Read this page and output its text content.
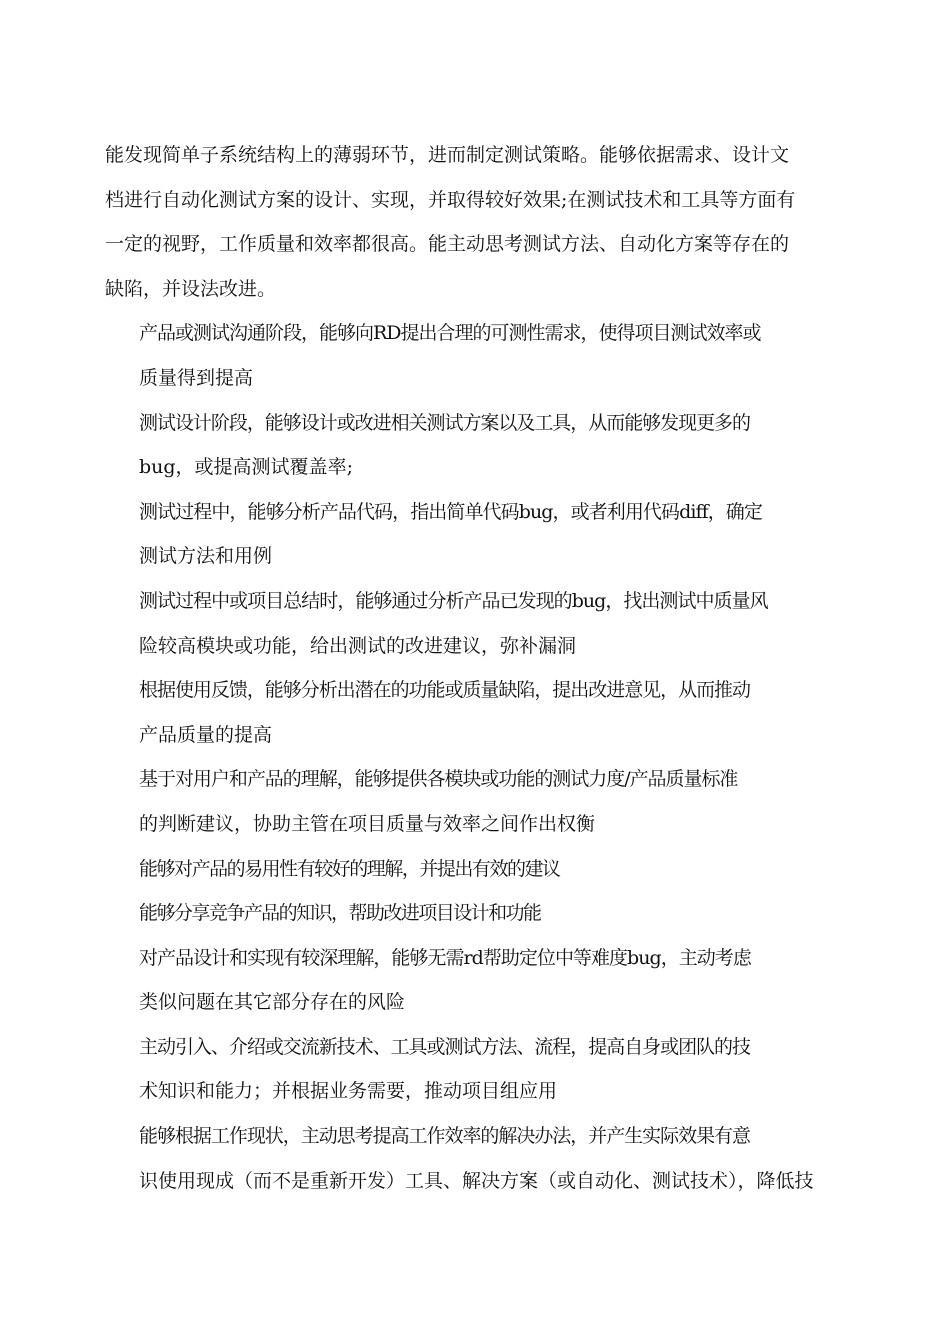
能发现简单子系统结构上的薄弱环节，进而制定测试策略。能够依据需求、设计文
档进行自动化测试方案的设计、实现，并取得较好效果;在测试技术和工具等方面有
一定的视野，工作质量和效率都很高。能主动思考测试方法、自动化方案等存在的
缺陷，并设法改进。

产品或测试沟通阶段，能够向RD提出合理的可测性需求，使得项目测试效率或
质量得到提高

测试设计阶段，能够设计或改进相关测试方案以及工具，从而能够发现更多的
bug，或提高测试覆盖率;

测试过程中，能够分析产品代码，指出简单代码bug，或者利用代码diff，确定
测试方法和用例

测试过程中或项目总结时，能够通过分析产品已发现的bug，找出测试中质量风
险较高模块或功能，给出测试的改进建议，弥补漏洞

根据使用反馈，能够分析出潜在的功能或质量缺陷，提出改进意见，从而推动
产品质量的提高

基于对用户和产品的理解，能够提供各模块或功能的测试力度/产品质量标准
的判断建议，协助主管在项目质量与效率之间作出权衡

能够对产品的易用性有较好的理解，并提出有效的建议

能够分享竞争产品的知识，帮助改进项目设计和功能

对产品设计和实现有较深理解，能够无需rd帮助定位中等难度bug，主动考虑
类似问题在其它部分存在的风险

主动引入、介绍或交流新技术、工具或测试方法、流程，提高自身或团队的技
术知识和能力；并根据业务需要，推动项目组应用

能够根据工作现状，主动思考提高工作效率的解决办法，并产生实际效果有意
识使用现成（而不是重新开发）工具、解决方案（或自动化、测试技术），降低技
